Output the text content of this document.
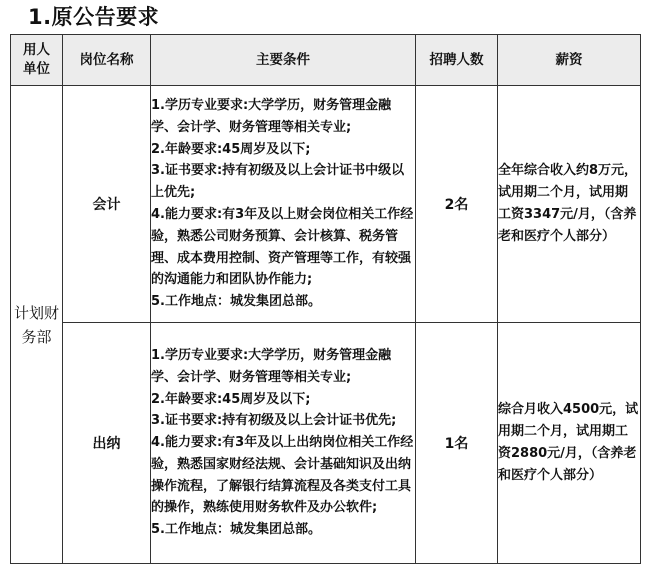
1.原公告要求
用人单位	岗位名称	主要条件	招聘人数	薪资
计划财务部	会计	1.学历专业要求:大学学历，财务管理金融学、会计学、财务管理等相关专业;
2.年龄要求:45周岁及以下;
3.证书要求:持有初级及以上会计证书中级以上优先;
4.能力要求:有3年及以上财会岗位相关工作经验，熟悉公司财务预算、会计核算、税务管理、成本费用控制、资产管理等工作，有较强的沟通能力和团队协作能力;
5.工作地点：城发集团总部。	2名	全年综合收入约8万元，试用期二个月，试用期工资3347元/月，（含养老和医疗个人部分）
	出纳	1.学历专业要求:大学学历，财务管理金融学、会计学、财务管理等相关专业;
2.年龄要求:45周岁及以下;
3.证书要求:持有初级及以上会计证书优先;
4.能力要求:有3年及以上出纳岗位相关工作经验，熟悉国家财经法规、会计基础知识及出纳操作流程，了解银行结算流程及各类支付工具的操作，熟练使用财务软件及办公软件;
5.工作地点：城发集团总部。	1名	综合月收入4500元，试用期二个月，试用期工资2880元/月，（含养老和医疗个人部分）
